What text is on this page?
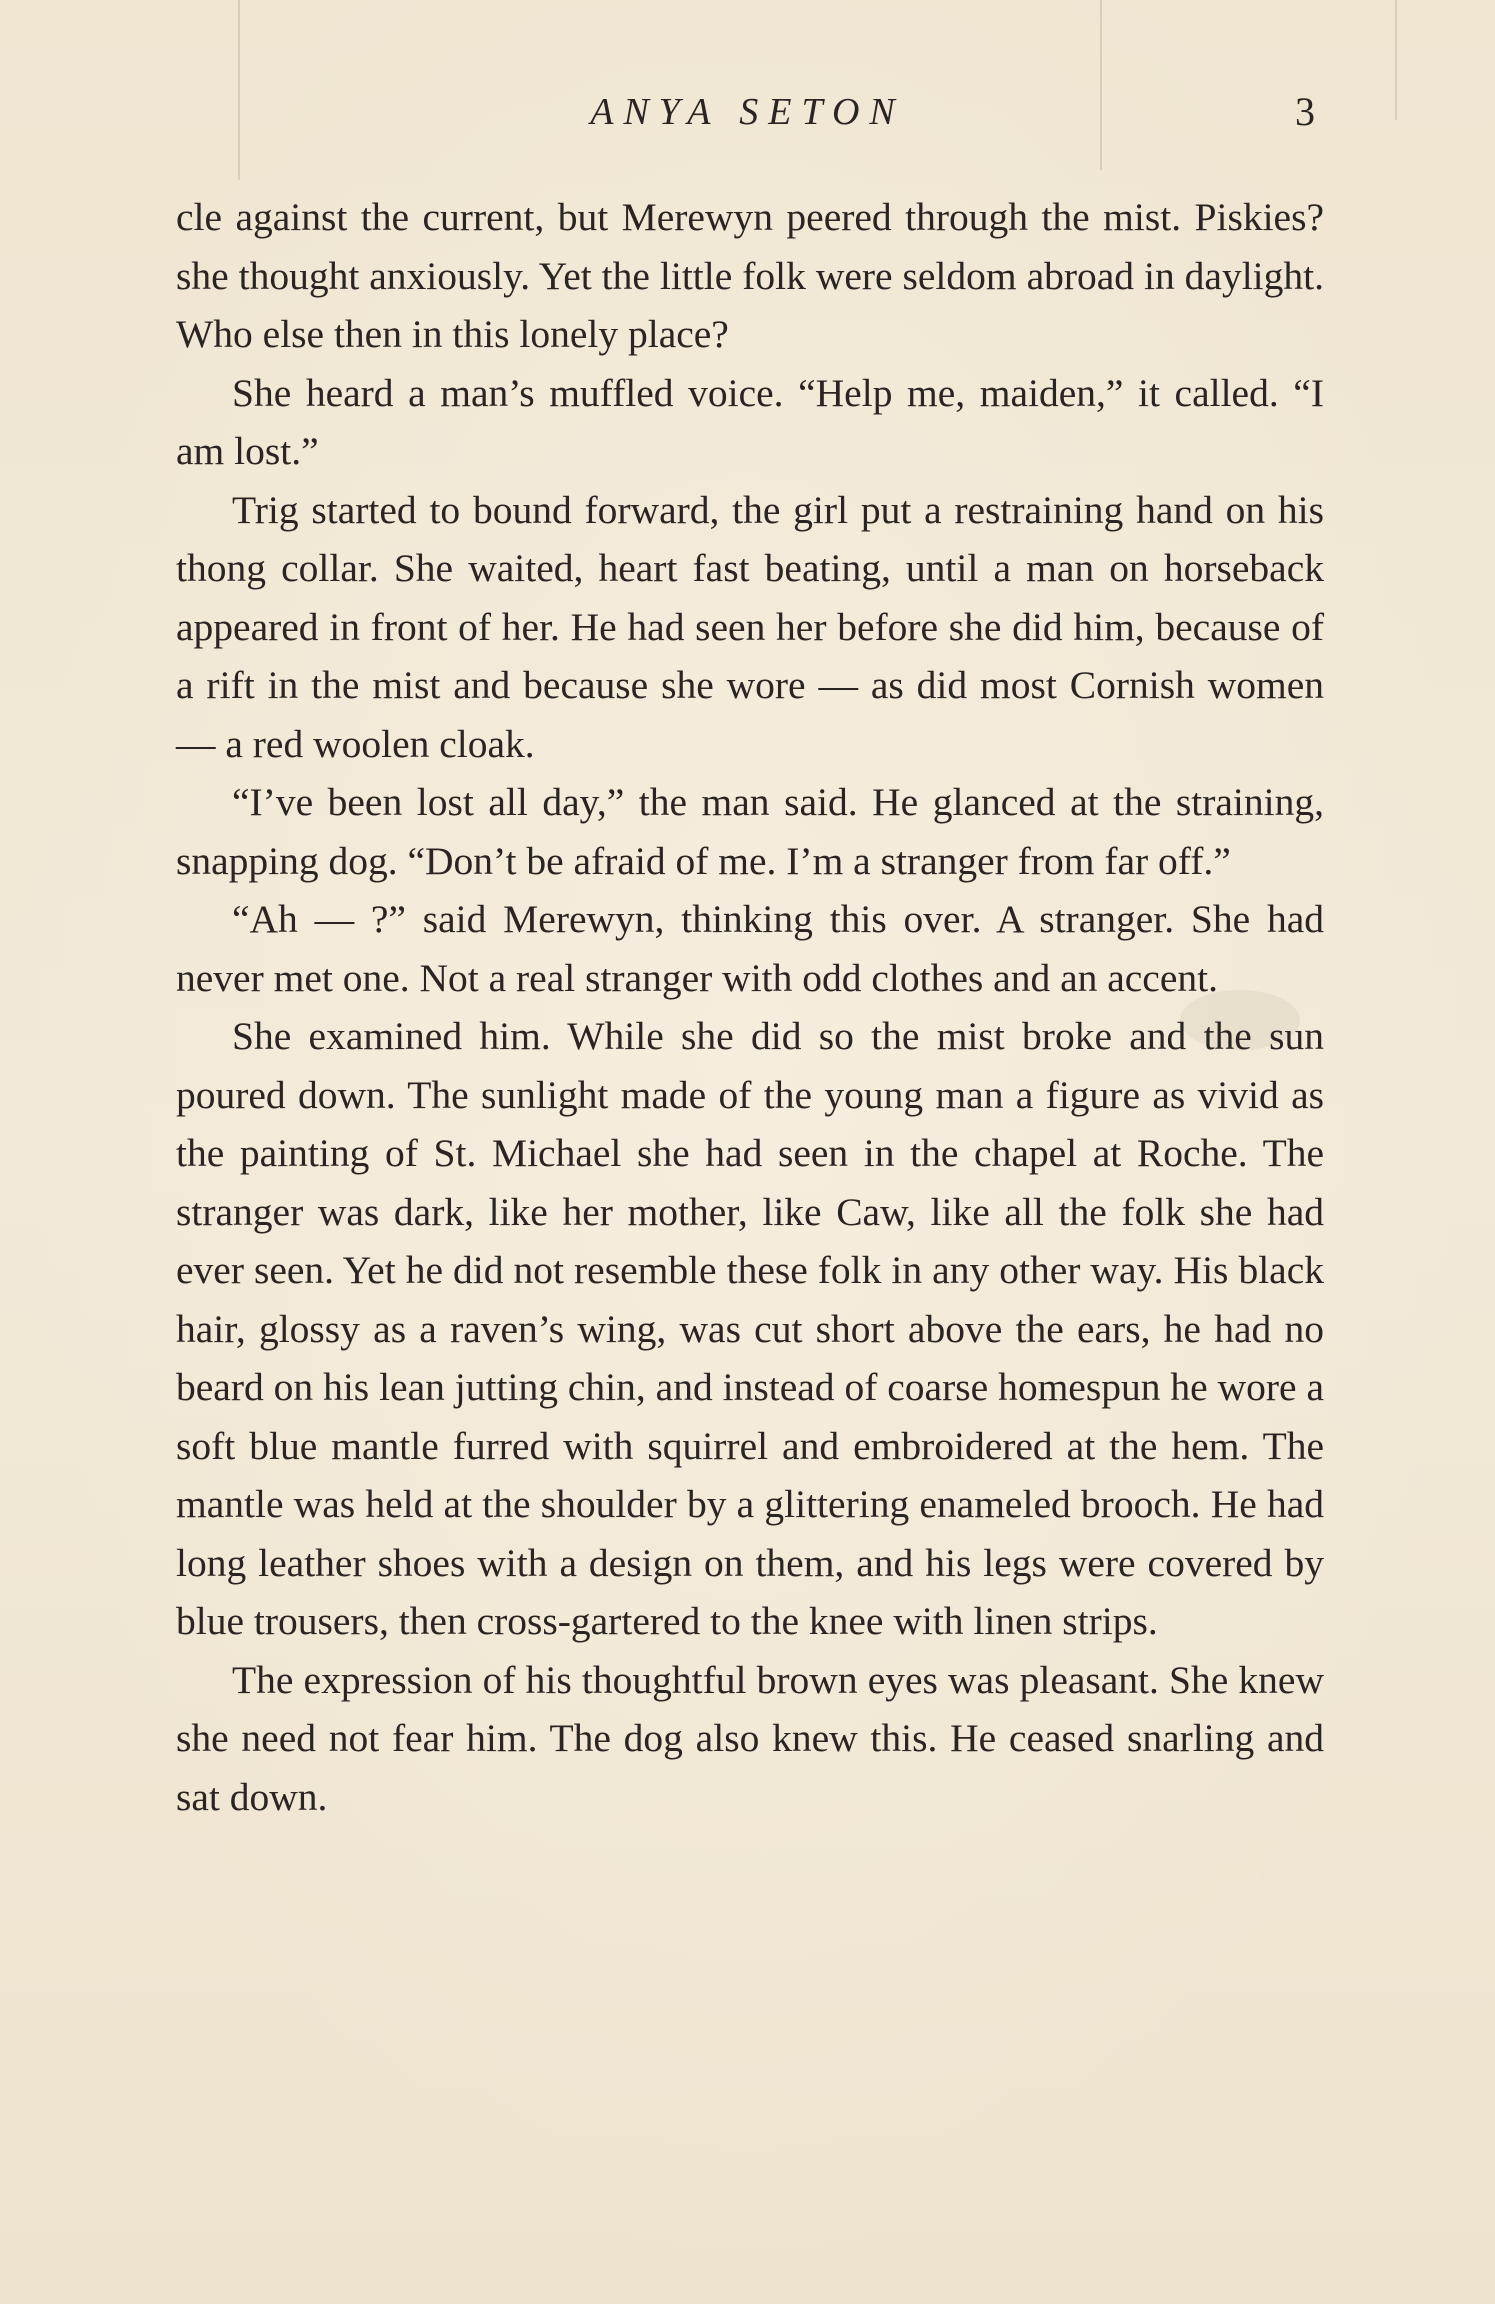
ANYA SETON	3

cle against the current, but Merewyn peered through the mist. Piskies? she thought anxiously. Yet the little folk were seldom abroad in daylight. Who else then in this lonely place?

She heard a man’s muffled voice. “Help me, maiden,” it called. “I am lost.”

Trig started to bound forward, the girl put a restraining hand on his thong collar. She waited, heart fast beating, until a man on horseback appeared in front of her. He had seen her before she did him, because of a rift in the mist and because she wore — as did most Cornish women — a red woolen cloak.

“I’ve been lost all day,” the man said. He glanced at the straining, snapping dog. “Don’t be afraid of me. I’m a stranger from far off.”

“Ah — ?” said Merewyn, thinking this over. A stranger. She had never met one. Not a real stranger with odd clothes and an accent.

She examined him. While she did so the mist broke and the sun poured down. The sunlight made of the young man a figure as vivid as the painting of St. Michael she had seen in the chapel at Roche. The stranger was dark, like her mother, like Caw, like all the folk she had ever seen. Yet he did not resemble these folk in any other way. His black hair, glossy as a raven’s wing, was cut short above the ears, he had no beard on his lean jutting chin, and instead of coarse homespun he wore a soft blue mantle furred with squirrel and embroidered at the hem. The mantle was held at the shoulder by a glittering enameled brooch. He had long leather shoes with a design on them, and his legs were covered by blue trousers, then cross-gartered to the knee with linen strips.

The expression of his thoughtful brown eyes was pleasant. She knew she need not fear him. The dog also knew this. He ceased snarling and sat down.
